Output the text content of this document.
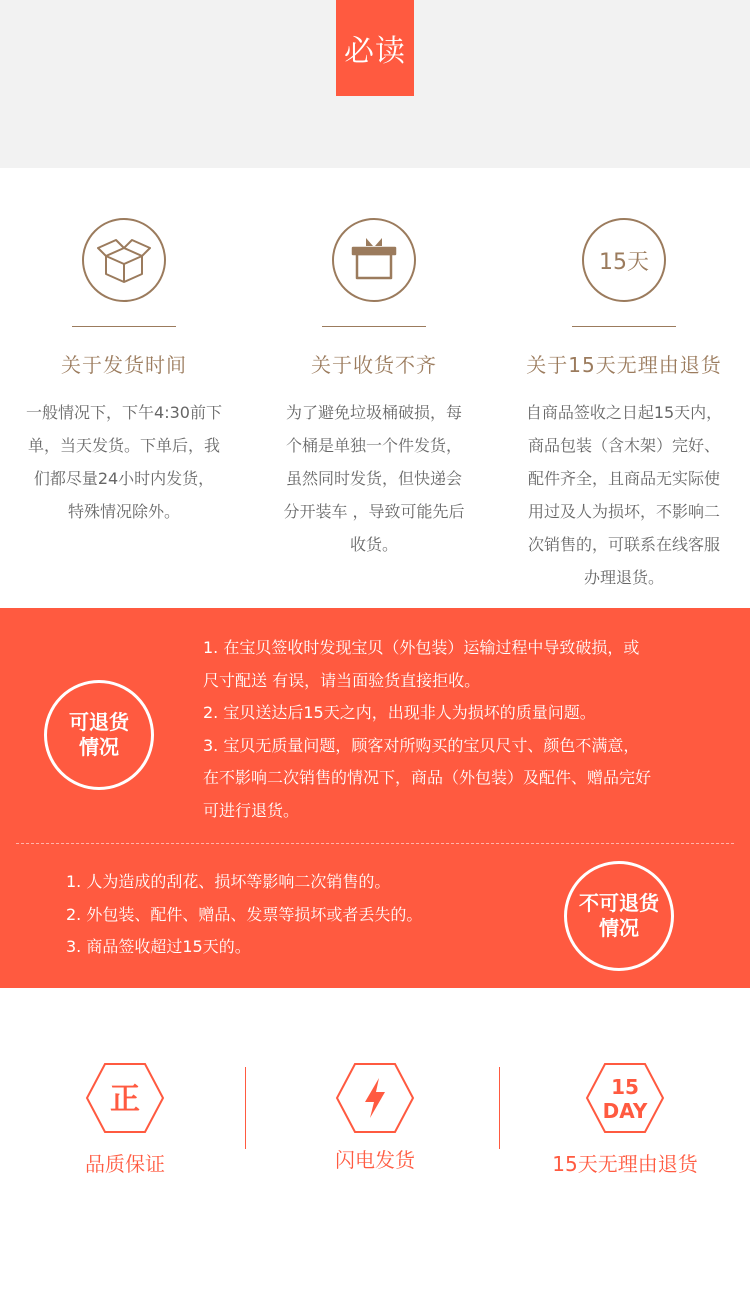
必读
关于发货时间
一般情况下，下午4:30前下
单，当天发货。下单后，我
们都尽量24小时内发货，
特殊情况除外。
关于收货不齐
为了避免垃圾桶破损，每
个桶是单独一个件发货，
虽然同时发货，但快递会
分开装车 ，导致可能先后
收货。
15天
关于15天无理由退货
自商品签收之日起15天内，
商品包装（含木架）完好、
配件齐全，且商品无实际使
用过及人为损坏，不影响二
次销售的，可联系在线客服
办理退货。
可退货
情况
1. 在宝贝签收时发现宝贝（外包装）运输过程中导致破损，或
尺寸配送 有误，请当面验货直接拒收。
2. 宝贝送达后15天之内，出现非人为损坏的质量问题。
3. 宝贝无质量问题，顾客对所购买的宝贝尺寸、颜色不满意，
在不影响二次销售的情况下，商品（外包装）及配件、赠品完好
可进行退货。
1. 人为造成的刮花、损坏等影响二次销售的。
2. 外包装、配件、赠品、发票等损坏或者丢失的。
3. 商品签收超过15天的。
不可退货
情况
正
品质保证	闪电发货
15
DAY
15天无理由退货
